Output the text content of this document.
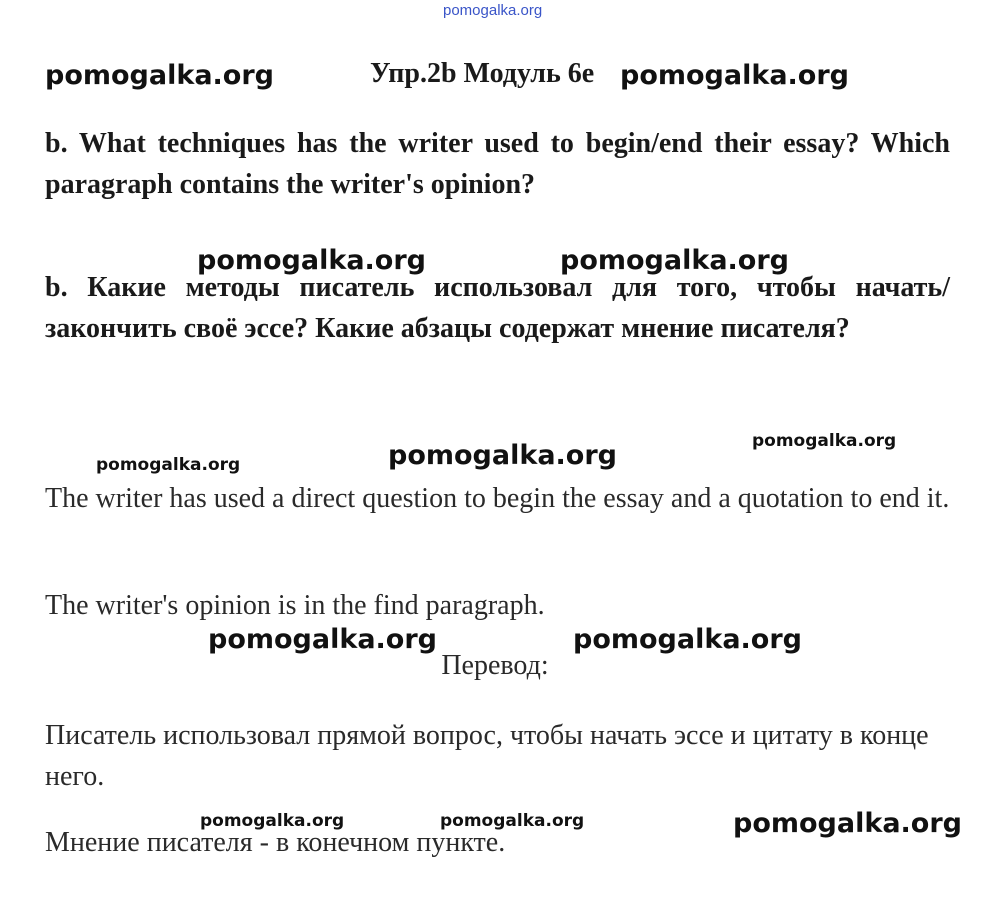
pomogalka.org
Упр.2b Модуль 6е
b. What techniques has the writer used to begin/end their essay? Which paragraph contains the writer's opinion?
b. Какие методы писатель использовал для того, чтобы начать/закончить своё эссе? Какие абзацы содержат мнение писателя?
The writer has used a direct question to begin the essay and a quotation to end it.
The writer's opinion is in the find paragraph.
Перевод:
Писатель использовал прямой вопрос, чтобы начать эссе и цитату в конце него.
Мнение писателя - в конечном пункте.
pomogalka.org	pomogalka.org
pomogalka.org	pomogalka.org
pomogalka.org
pomogalka.org	pomogalka.org
pomogalka.org	pomogalka.org
pomogalka.org	pomogalka.org	pomogalka.org
